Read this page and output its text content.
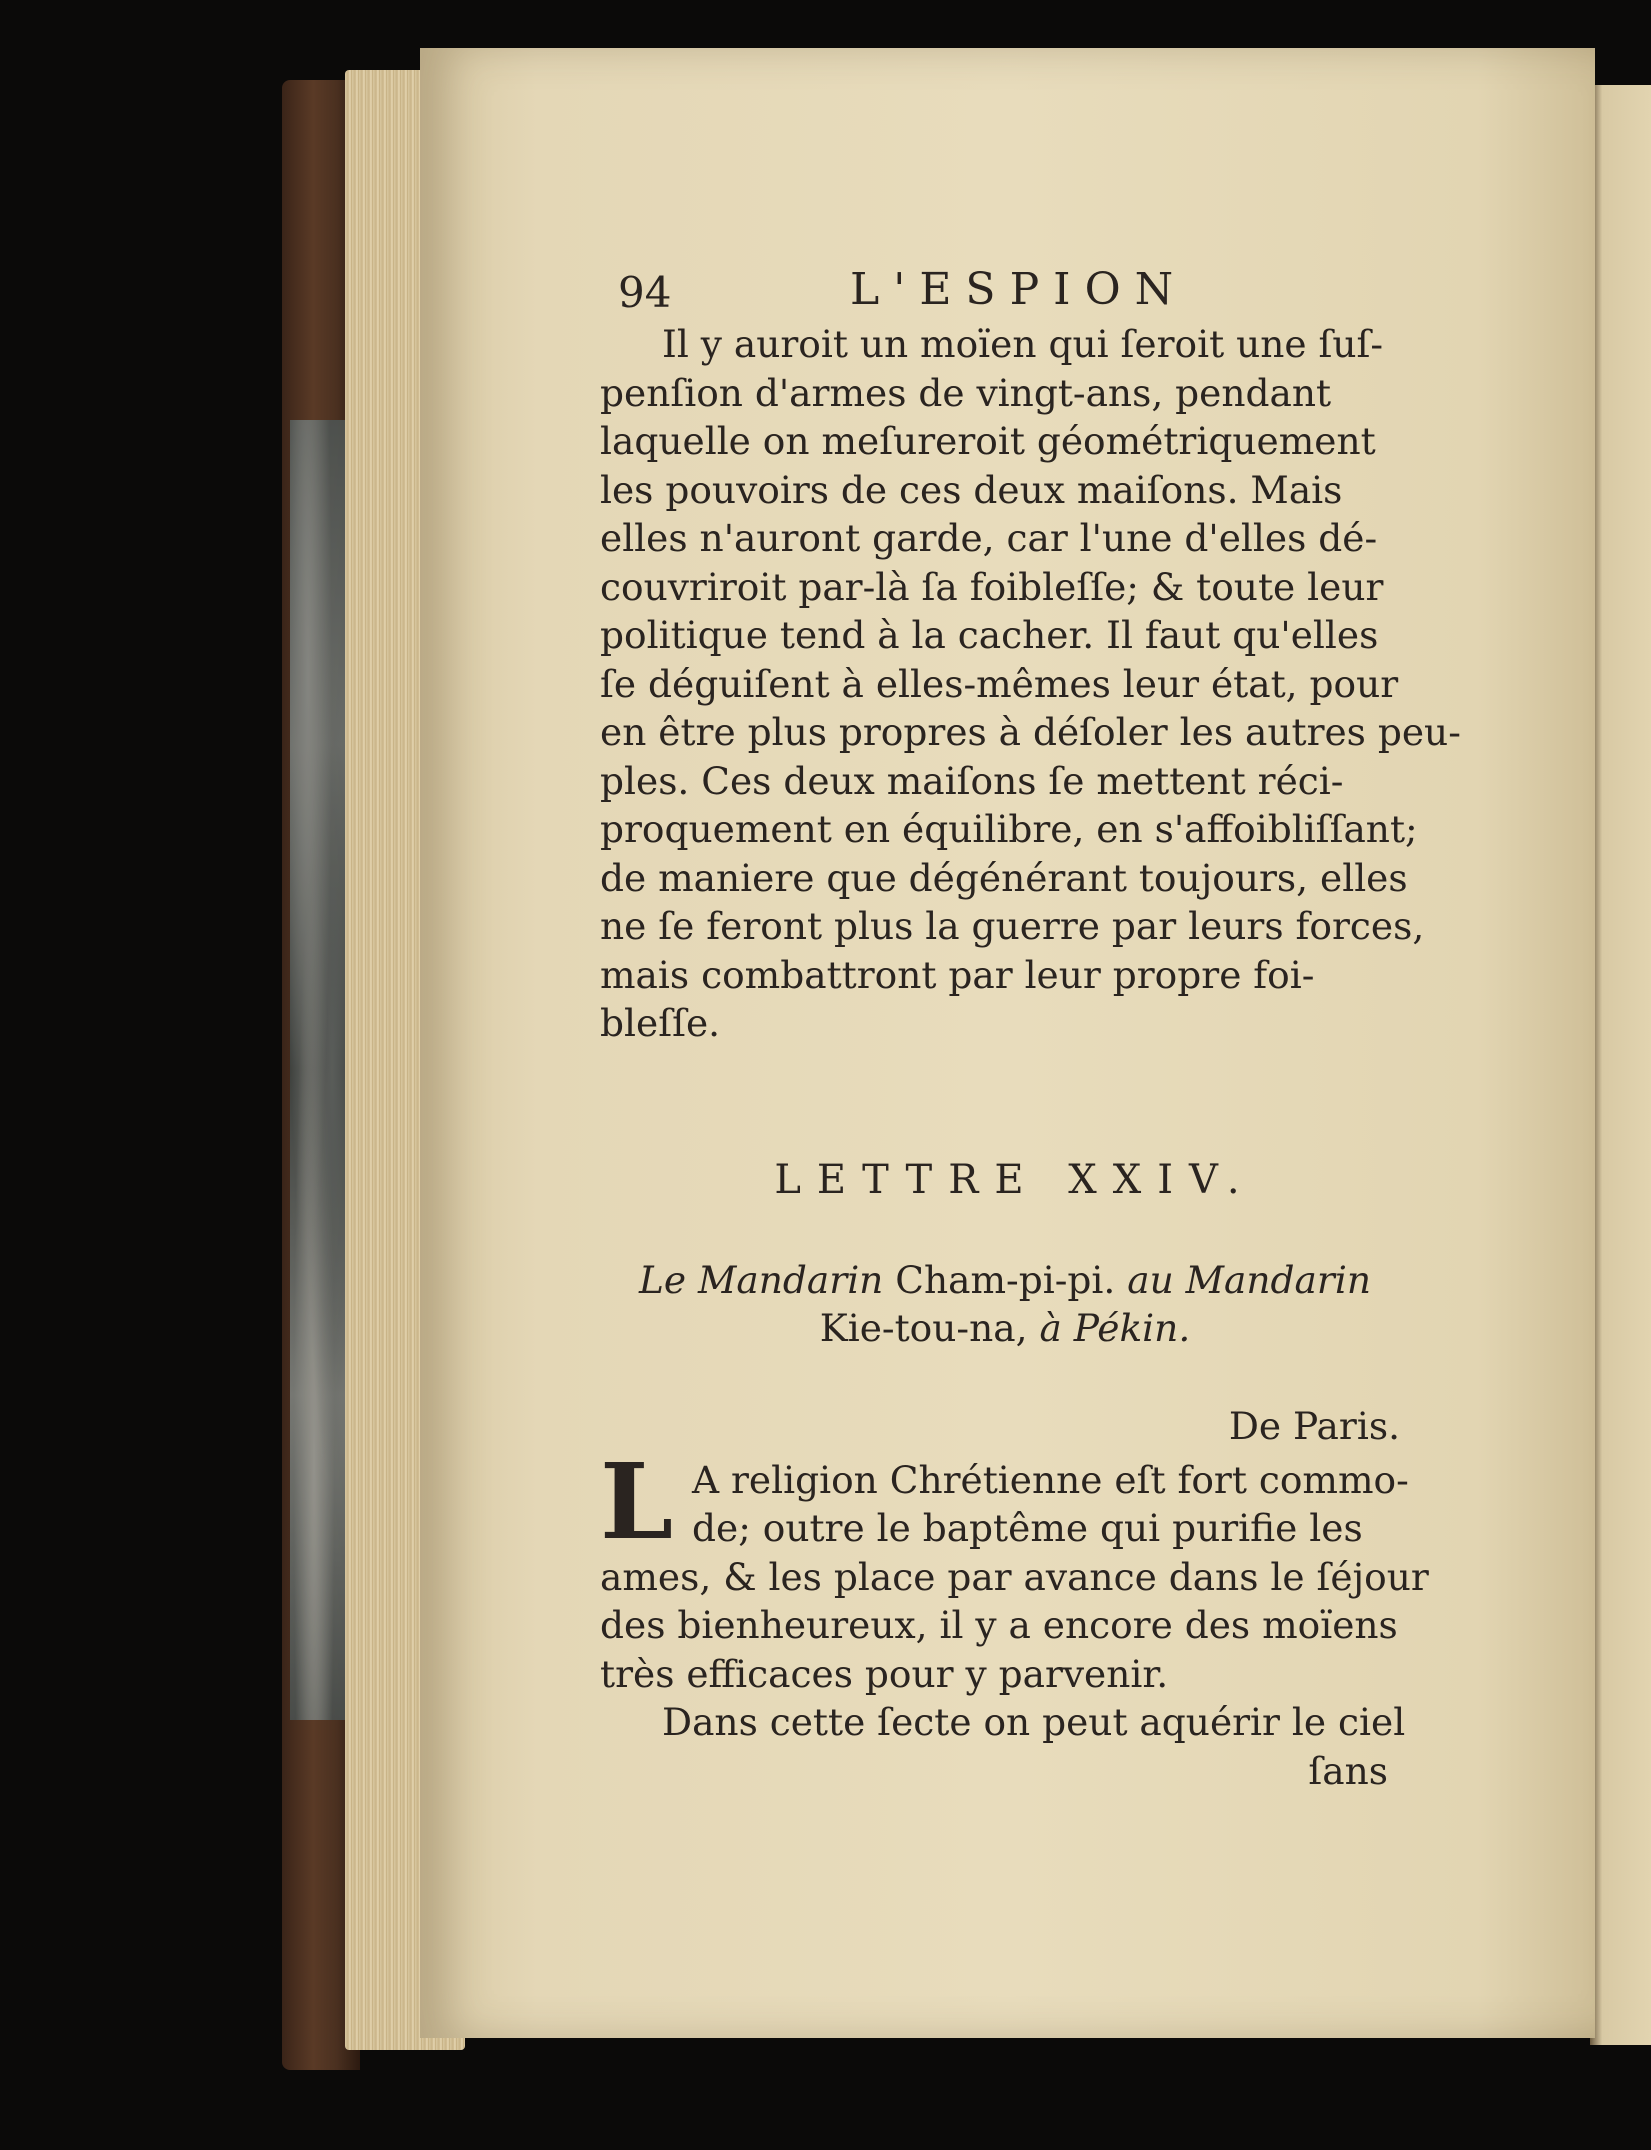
94	L'ESPION

Il y auroit un moïen qui ſeroit une ſuſ-
penſion d'armes de vingt-ans, pendant
laquelle on meſureroit géométriquement
les pouvoirs de ces deux maiſons. Mais
elles n'auront garde, car l'une d'elles dé-
couvriroit par-là ſa foibleſſe; & toute leur
politique tend à la cacher. Il faut qu'elles
ſe déguiſent à elles-mêmes leur état, pour
en être plus propres à déſoler les autres peu-
ples. Ces deux maiſons ſe mettent réci-
proquement en équilibre, en s'affoibliſſant;
de maniere que dégénérant toujours, elles
ne ſe feront plus la guerre par leurs forces,
mais combattront par leur propre foi-
bleſſe.

LETTRE XXIV.
Le Mandarin Cham-pi-pi. au Mandarin
Kie-tou-na, à Pékin.
De Paris.
L A religion Chrétienne eſt fort commo-
de; outre le baptême qui purifie les
ames, & les place par avance dans le ſéjour
des bienheureux, il y a encore des moïens
très efficaces pour y parvenir.
Dans cette ſecte on peut aquérir le ciel
ſans
